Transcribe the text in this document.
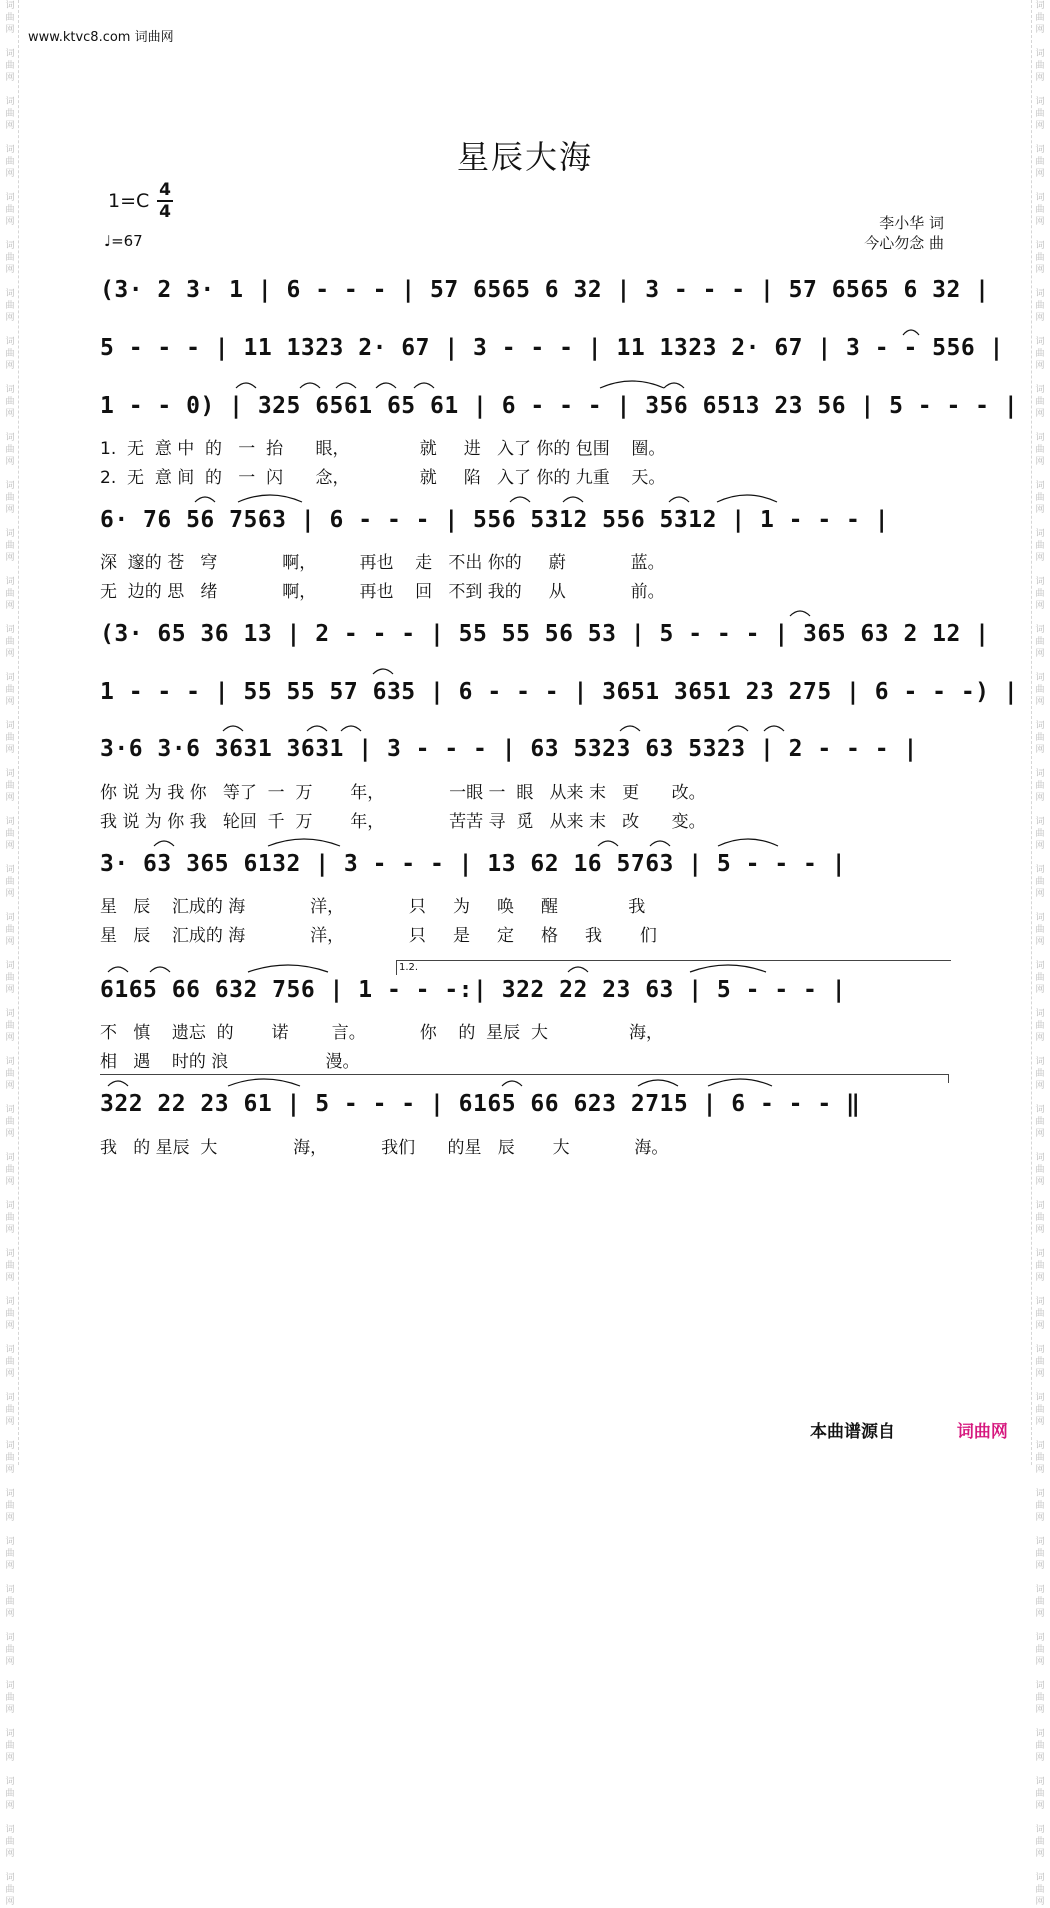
词
曲
网

词
曲
网

词
曲
网

词
曲
网

词
曲
网

词
曲
网

词
曲
网

词
曲
网

词
曲
网

词
曲
网

词
曲
网

词
曲
网

词
曲
网

词
曲
网

词
曲
网

词
曲
网

词
曲
网

词
曲
网

词
曲
网

词
曲
网

词
曲
网

词
曲
网

词
曲
网

词
曲
网

词
曲
网

词
曲
网

词
曲
网

词
曲
网

词
曲
网

词
曲
网

词
曲
网

词
曲
网

词
曲
网

词
曲
网

词
曲
网

词
曲
网

词
曲
网

词
曲
网

词
曲
网

词
曲
网
词
曲
网

词
曲
网

词
曲
网

词
曲
网

词
曲
网

词
曲
网

词
曲
网

词
曲
网

词
曲
网

词
曲
网

词
曲
网

词
曲
网

词
曲
网

词
曲
网

词
曲
网

词
曲
网

词
曲
网

词
曲
网

词
曲
网

词
曲
网

词
曲
网

词
曲
网

词
曲
网

词
曲
网

词
曲
网

词
曲
网

词
曲
网

词
曲
网

词
曲
网

词
曲
网

词
曲
网

词
曲
网

词
曲
网

词
曲
网

词
曲
网

词
曲
网

词
曲
网

词
曲
网

词
曲
网

词
曲
网
www.ktvc8.com 词曲网
星辰大海
1=C 4
4
♩=67
李小华 词
今心勿念 曲
(3· 2 3· 1 | 6 - - - | 57 6565 6 32 | 3 - - - | 57 6565 6 32 |
5 - - - | 11 1323 2· 67 | 3 - - - | 11 1323 2· 67 | 3 - - 556 |
1 - - 0) | 325 6561 65 61 | 6 - - - | 356 6513 23 56 | 5 - - - |
1.  无  意 中  的   一  抬      眼，             就     进   入了 你的 包围    圈。
2.  无  意 间  的   一  闪      念，             就     陷   入了 你的 九重    天。
6· 76 56 7563 | 6 - - - | 556 5312 556 5312 | 1 - - - |
深  邃的 苍   穹            啊，        再也    走   不出 你的     蔚            蓝。
无  边的 思   绪            啊，        再也    回   不到 我的     从            前。
(3· 65 36 13 | 2 - - - | 55 55 56 53 | 5 - - - | 365 63 2 12 |
1 - - - | 55 55 57 635 | 6 - - - | 3651 3651 23 275 | 6 - - -) |
3·6 3·6 3631 3631 | 3 - - - | 63 5323 63 5323 | 2 - - - |
你 说 为 我 你   等了  一  万       年，            一眼 一  眼   从来 末   更      改。
我 说 为 你 我   轮回  千  万       年，            苦苦 寻  觅   从来 末   改      变。
3· 63 365 6132 | 3 - - - | 13 62 16 5763 | 5 - - - |
星   辰    汇成的 海            洋，            只     为     唤     醒             我
星   辰    汇成的 海            洋，            只     是     定     格     我       们
1.2.
6165 66 632 756 | 1 - - -:| 322 22 23 63 | 5 - - - |
不   慎    遗忘  的       诺        言。          你    的  星辰  大               海，
相   遇    时的 浪                  漫。
322 22 23 61 | 5 - - - | 6165 66 623 2715 | 6 - - - ‖
我   的 星辰  大              海，          我们      的星   辰       大            海。
本曲谱源自	词曲网
